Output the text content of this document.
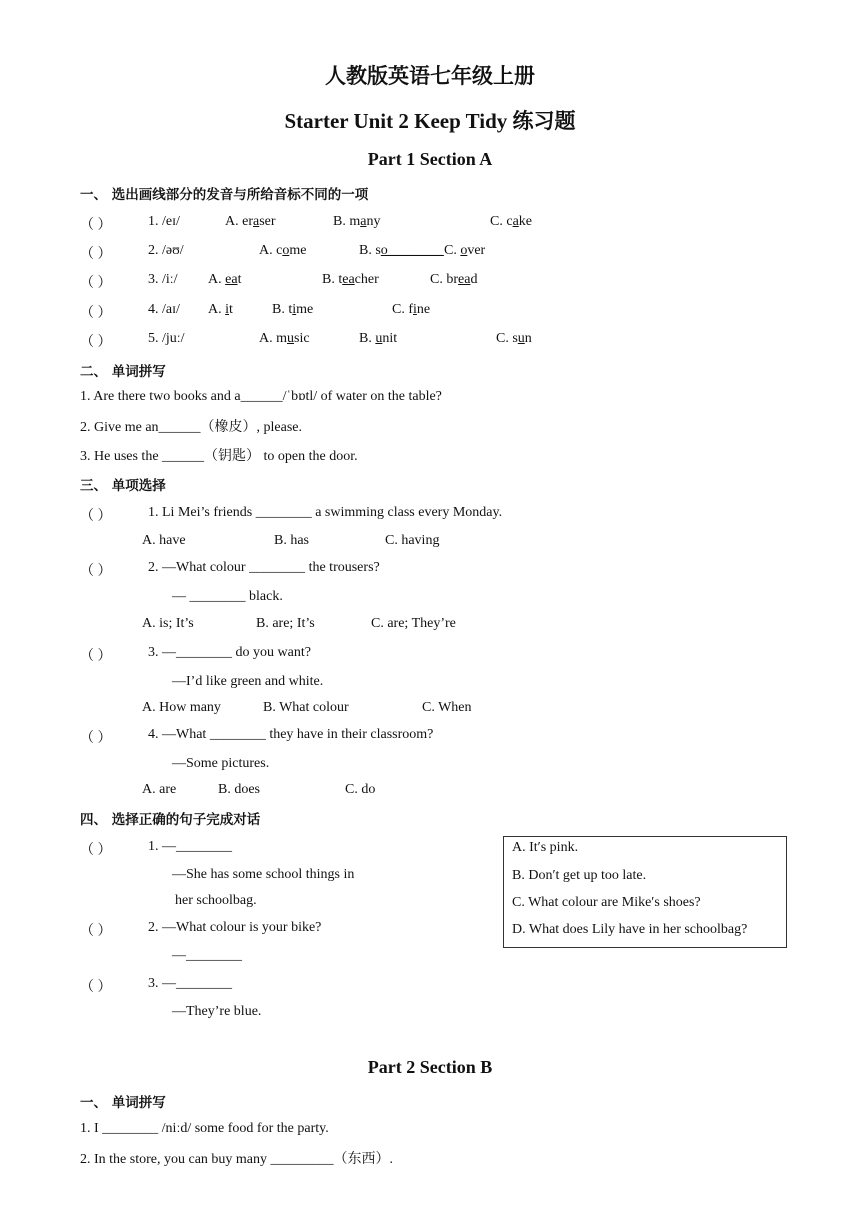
人教版英语七年级上册
Starter Unit 2 Keep Tidy 练习题
Part 1 Section A
一、 选出画线部分的发音与所给音标不同的一项
（ ）	1. /eɪ/	A. eraser	B. many	C. cake
（ ）	2. /əʊ/	A. come	B. so________ C. over
（ ）	3. /iː/ A. eat	B. teacher	C. bread
（ ）	4. /aɪ/ A. it	B. time	C. fine
（ ）	5. /juː/	A. music	B. unit	C. sun
二、 单词拼写
1. Are there two books and a______/ˈbɒtl/ of water on the table?
2. Give me an______（橡皮）, please.
3. He uses the ______（钥匙） to open the door.
三、 单项选择
（ ）	1. Li Mei’s friends ________ a swimming class every Monday.
A. have	B. has	C. having
（ ）	2. —What colour ________ the trousers?
— ________ black.
A. is; It’s	B. are; It’s	C. are; They’re
（ ）	3. —________ do you want?
—I’d like green and white.
A. How many	B. What colour	C. When
（ ）	4. —What ________ they have in their classroom?
—Some pictures.
A. are	B. does	C. do
四、 选择正确的句子完成对话
（ ）	1. —________
—She has some school things in
her schoolbag.
（ ）	2. —What colour is your bike?
—________
（ ）	3. —________
—They’re blue.
A. It′s pink.
B. Don′t get up too late.
C. What colour are Mike′s shoes?
D. What does Lily have in her schoolbag?
Part 2 Section B
一、 单词拼写
1. I ________ /niːd/ some food for the party.
2. In the store, you can buy many _________（东西）.
